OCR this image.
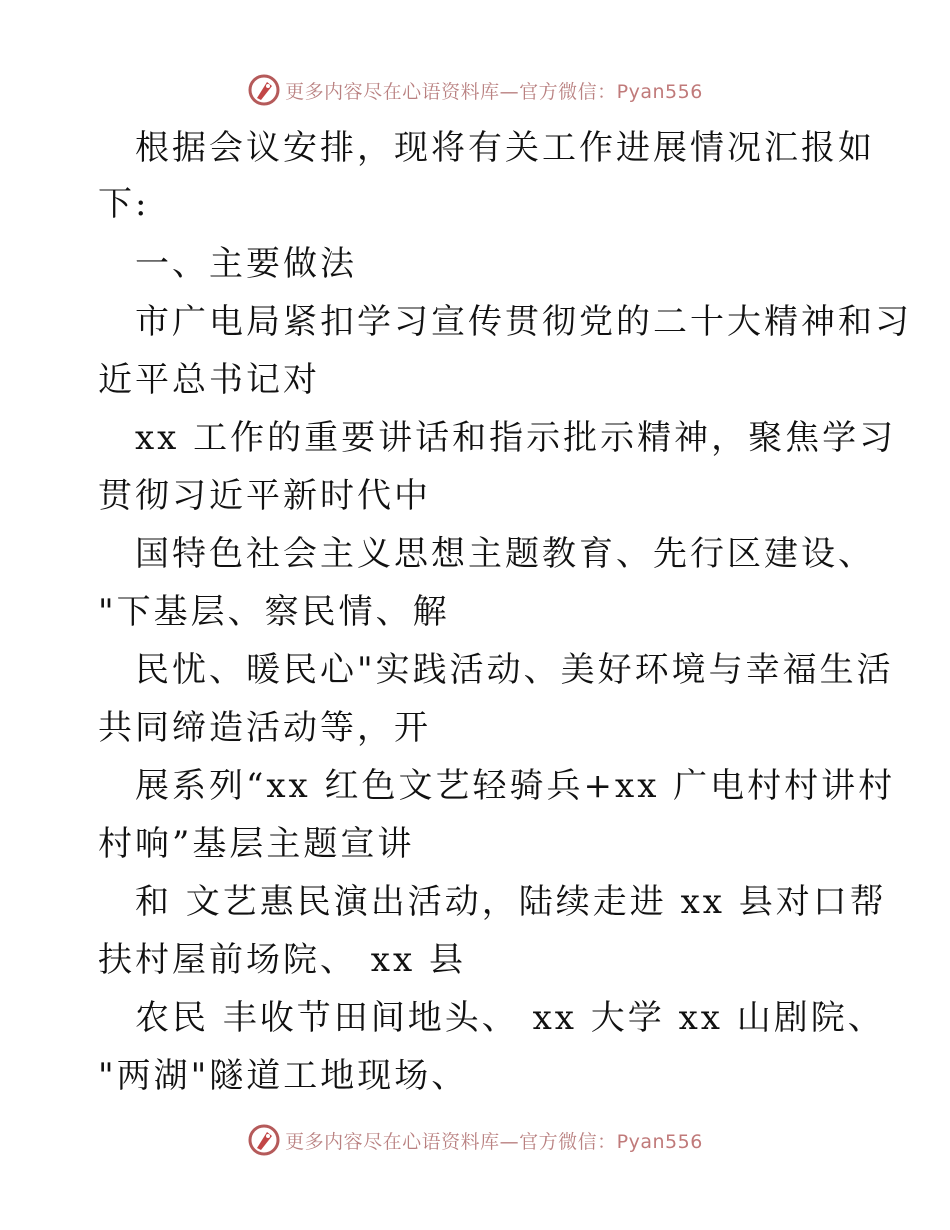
更多内容尽在心语资料库—官方微信：Pyan556
根据会议安排，现将有关工作进展情况汇报如
下:
一、主要做法
市广电局紧扣学习宣传贯彻党的二十大精神和习
近平总书记对
xx 工作的重要讲话和指示批示精神，聚焦学习
贯彻习近平新时代中
国特色社会主义思想主题教育、先行区建设、
"下基层、察民情、解
民忧、暖民心"实践活动、美好环境与幸福生活
共同缔造活动等，开
展系列“xx 红色文艺轻骑兵+xx 广电村村讲村
村响”基层主题宣讲
和 文艺惠民演出活动，陆续走进 xx 县对口帮
扶村屋前场院、 xx 县
农民 丰收节田间地头、 xx 大学 xx 山剧院、
"两湖"隧道工地现场、
更多内容尽在心语资料库—官方微信：Pyan556
